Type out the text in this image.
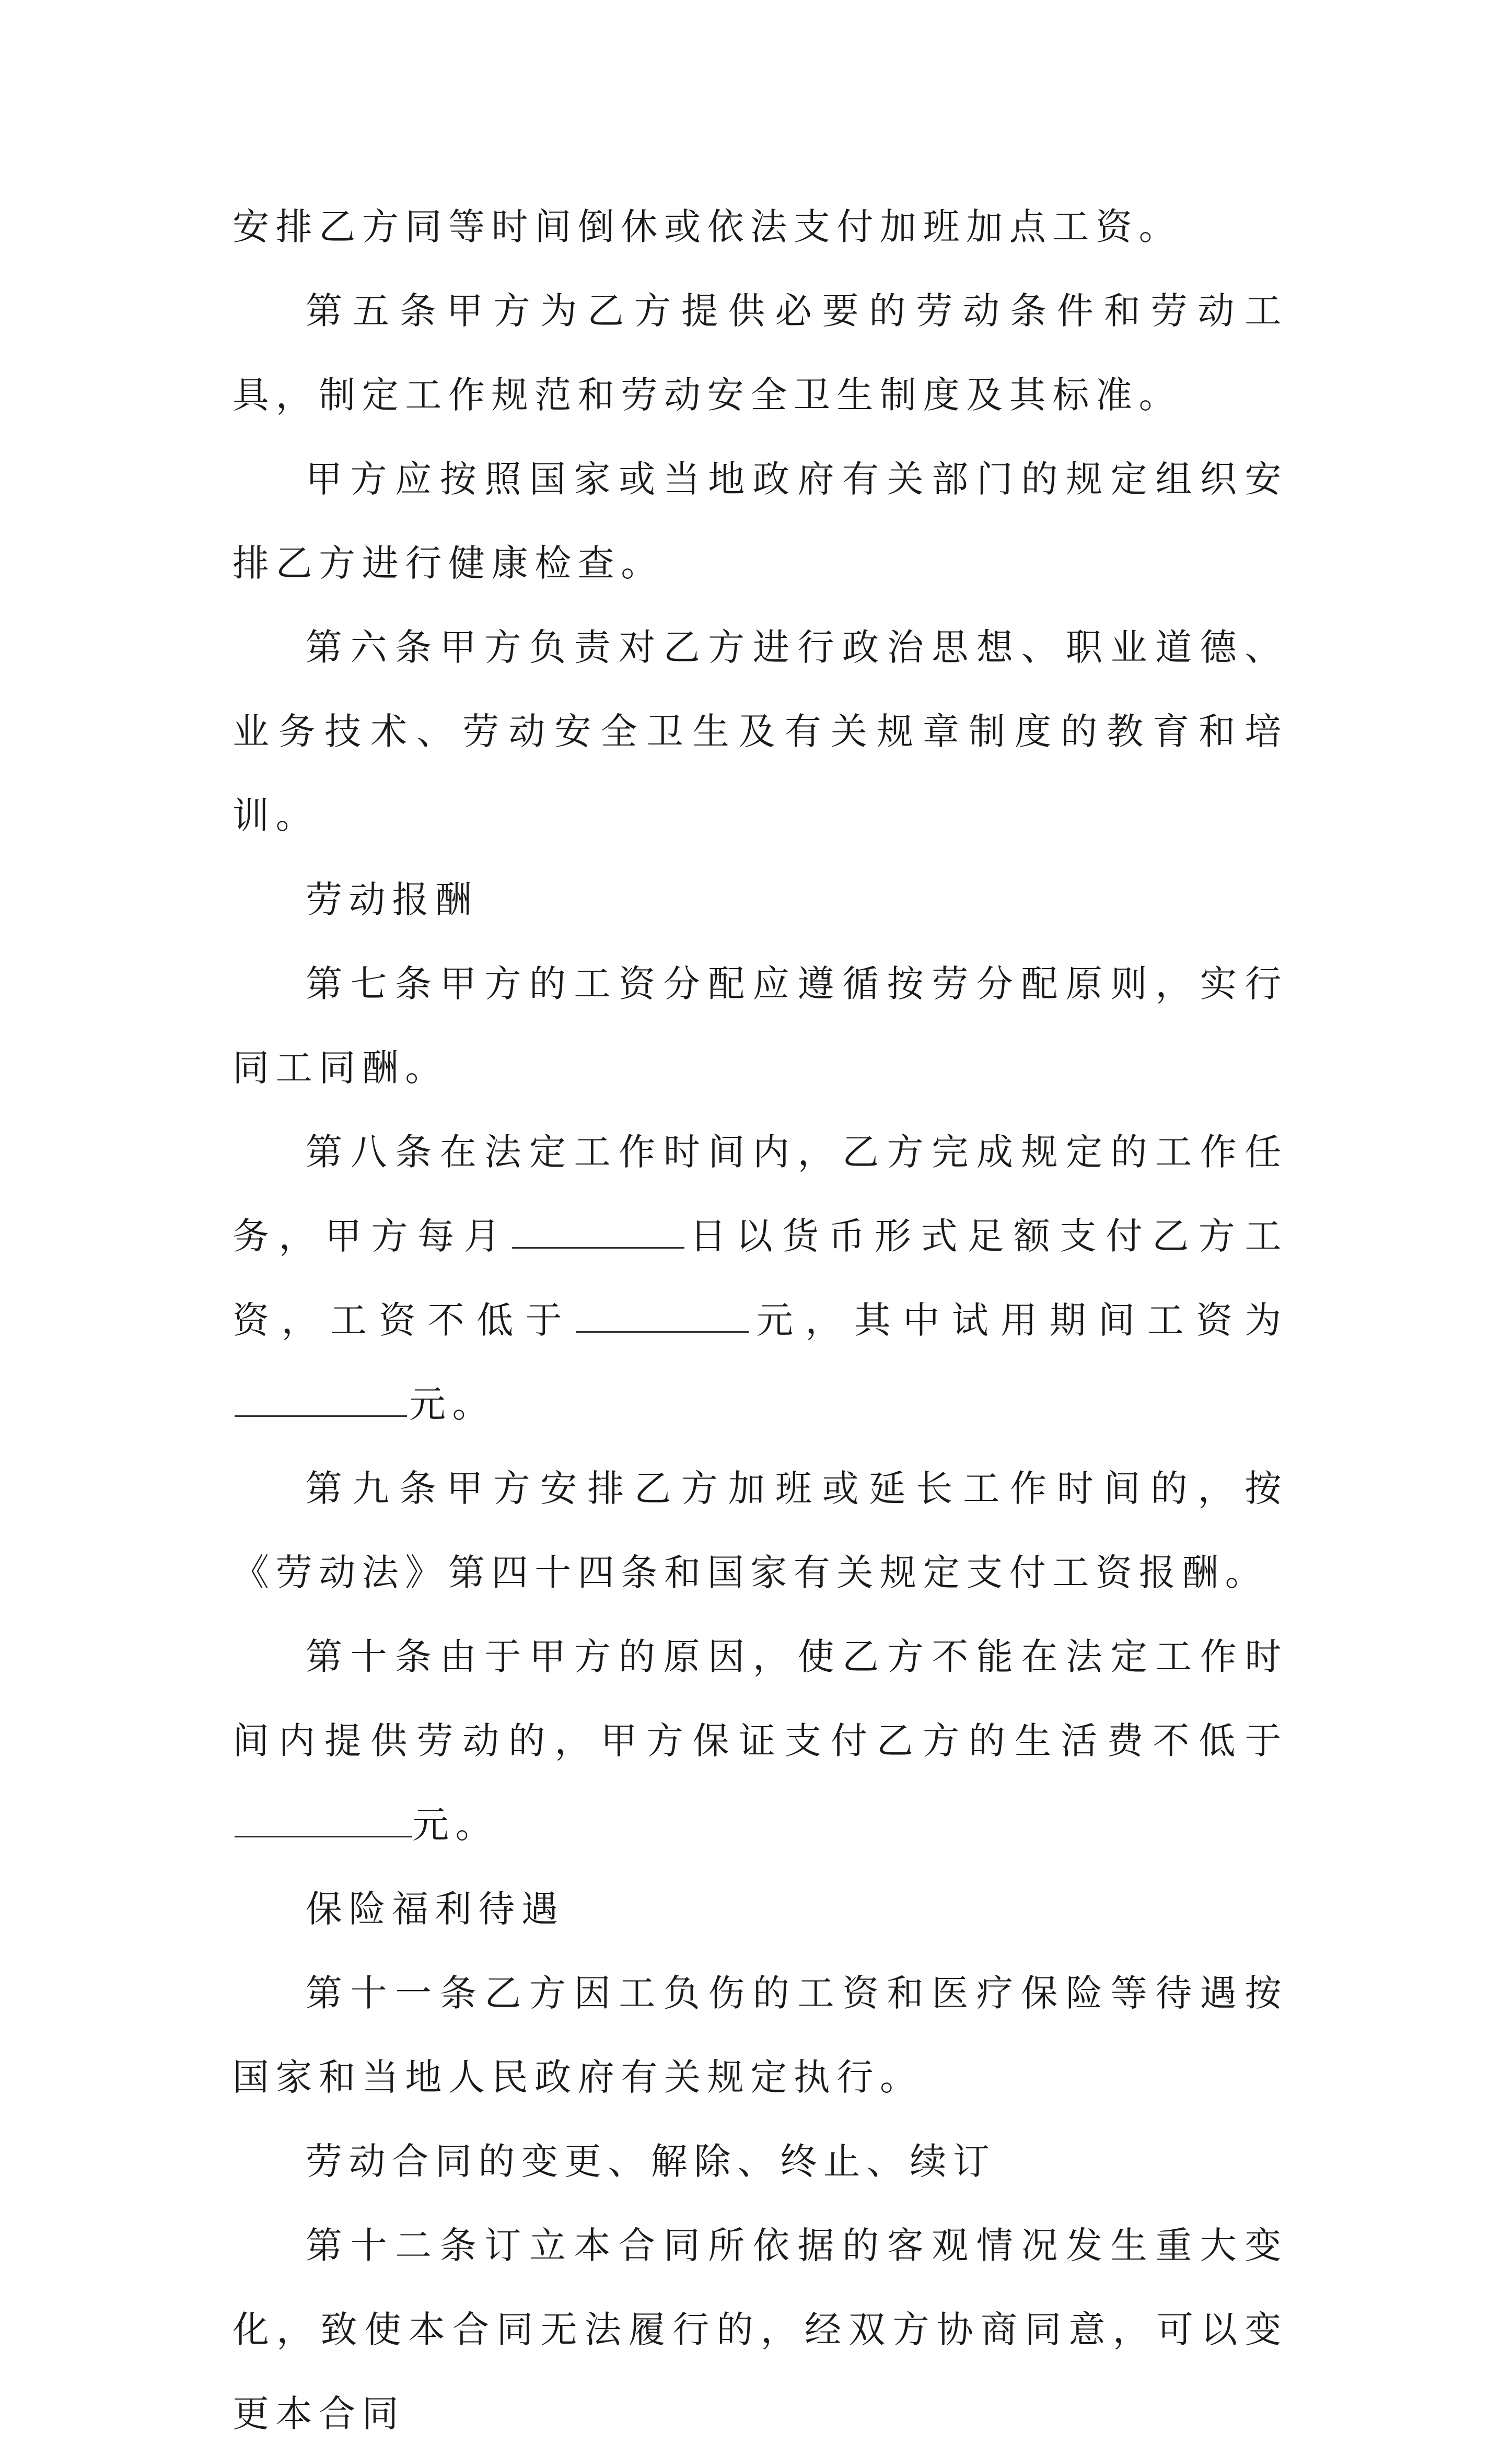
安排乙方同等时间倒休或依法支付加班加点工资。

第五条甲方为乙方提供必要的劳动条件和劳动工具，制定工作规范和劳动安全卫生制度及其标准。

甲方应按照国家或当地政府有关部门的规定组织安排乙方进行健康检查。

第六条甲方负责对乙方进行政治思想、职业道德、业务技术、劳动安全卫生及有关规章制度的教育和培训。

劳动报酬

第七条甲方的工资分配应遵循按劳分配原则，实行同工同酬。

第八条在法定工作时间内，乙方完成规定的工作任务，甲方每月	日以货币形式足额支付乙方工资，工资不低于	元，其中试用期间工资为元。

第九条甲方安排乙方加班或延长工作时间的，按《劳动法》第四十四条和国家有关规定支付工资报酬。

第十条由于甲方的原因，使乙方不能在法定工作时间内提供劳动的，甲方保证支付乙方的生活费不低于元。

保险福利待遇

第十一条乙方因工负伤的工资和医疗保险等待遇按国家和当地人民政府有关规定执行。

劳动合同的变更、解除、终止、续订

第十二条订立本合同所依据的客观情况发生重大变化，致使本合同无法履行的，经双方协商同意，可以变更本合同
